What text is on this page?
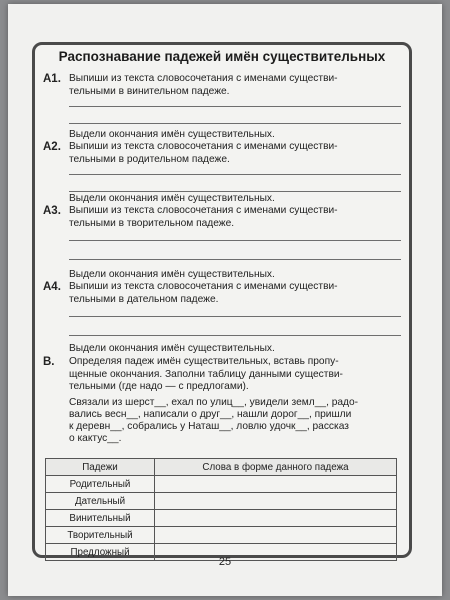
Распознавание падежей имён существительных
А1. Выпиши из текста словосочетания с именами существи-
тельными в винительном падеже.
Выдели окончания имён существительных.
А2. Выпиши из текста словосочетания с именами существи-
тельными в родительном падеже.
Выдели окончания имён существительных.
А3. Выпиши из текста словосочетания с именами существи-
тельными в творительном падеже.
Выдели окончания имён существительных.
А4. Выпиши из текста словосочетания с именами существи-
тельными в дательном падеже.
Выдели окончания имён существительных.
В.	Определяя падеж имён существительных, вставь пропу-
щенные окончания. Заполни таблицу данными существи-
тельными (где надо — с предлогами).
Связали из шерст__, ехал по улиц__, увидели земл__, радо-
вались весн__, написали о друг__, нашли дорог__, пришли
к деревн__, собрались у Наташ__, ловлю удочк__, рассказ
о кактус__.
Падежи	Слова в форме данного падежа
Родительный	
Дательный	
Винительный	
Творительный	
Предложный	
25
